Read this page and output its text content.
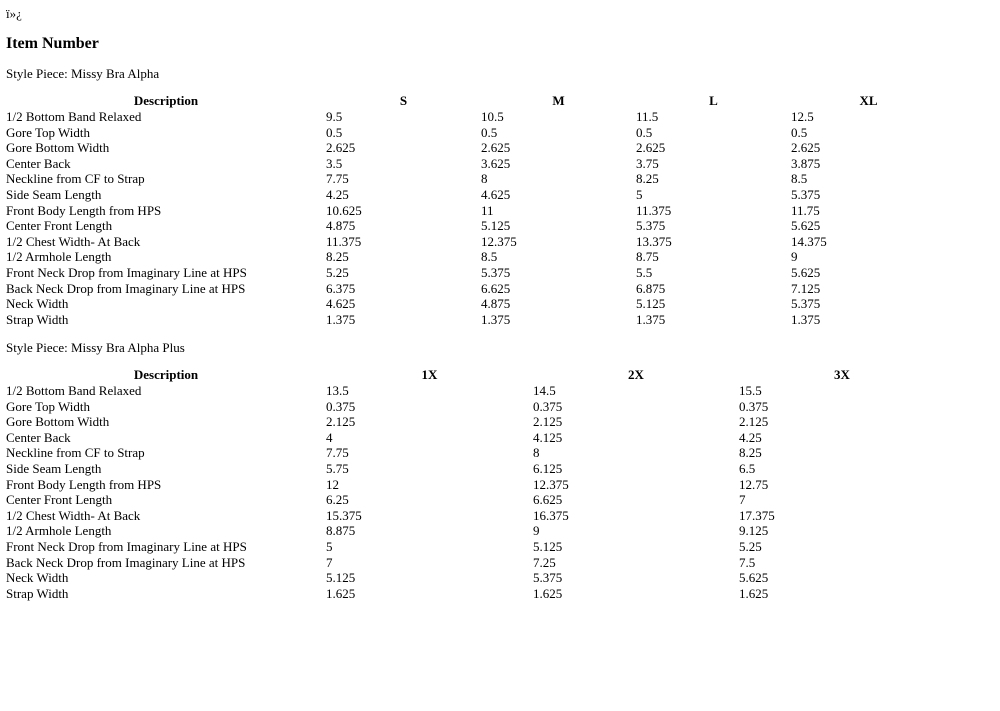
ï»¿
Item Number
Style Piece: Missy Bra Alpha
Description	S	M	L	XL
1/2 Bottom Band Relaxed	9.5	10.5	11.5	12.5
Gore Top Width	0.5	0.5	0.5	0.5
Gore Bottom Width	2.625	2.625	2.625	2.625
Center Back	3.5	3.625	3.75	3.875
Neckline from CF to Strap	7.75	8	8.25	8.5
Side Seam Length	4.25	4.625	5	5.375
Front Body Length from HPS	10.625	11	11.375	11.75
Center Front Length	4.875	5.125	5.375	5.625
1/2 Chest Width- At Back	11.375	12.375	13.375	14.375
1/2 Armhole Length	8.25	8.5	8.75	9
Front Neck Drop from Imaginary Line at HPS	5.25	5.375	5.5	5.625
Back Neck Drop from Imaginary Line at HPS	6.375	6.625	6.875	7.125
Neck Width	4.625	4.875	5.125	5.375
Strap Width	1.375	1.375	1.375	1.375
Style Piece: Missy Bra Alpha Plus
Description	1X	2X	3X
1/2 Bottom Band Relaxed	13.5	14.5	15.5
Gore Top Width	0.375	0.375	0.375
Gore Bottom Width	2.125	2.125	2.125
Center Back	4	4.125	4.25
Neckline from CF to Strap	7.75	8	8.25
Side Seam Length	5.75	6.125	6.5
Front Body Length from HPS	12	12.375	12.75
Center Front Length	6.25	6.625	7
1/2 Chest Width- At Back	15.375	16.375	17.375
1/2 Armhole Length	8.875	9	9.125
Front Neck Drop from Imaginary Line at HPS	5	5.125	5.25
Back Neck Drop from Imaginary Line at HPS	7	7.25	7.5
Neck Width	5.125	5.375	5.625
Strap Width	1.625	1.625	1.625
